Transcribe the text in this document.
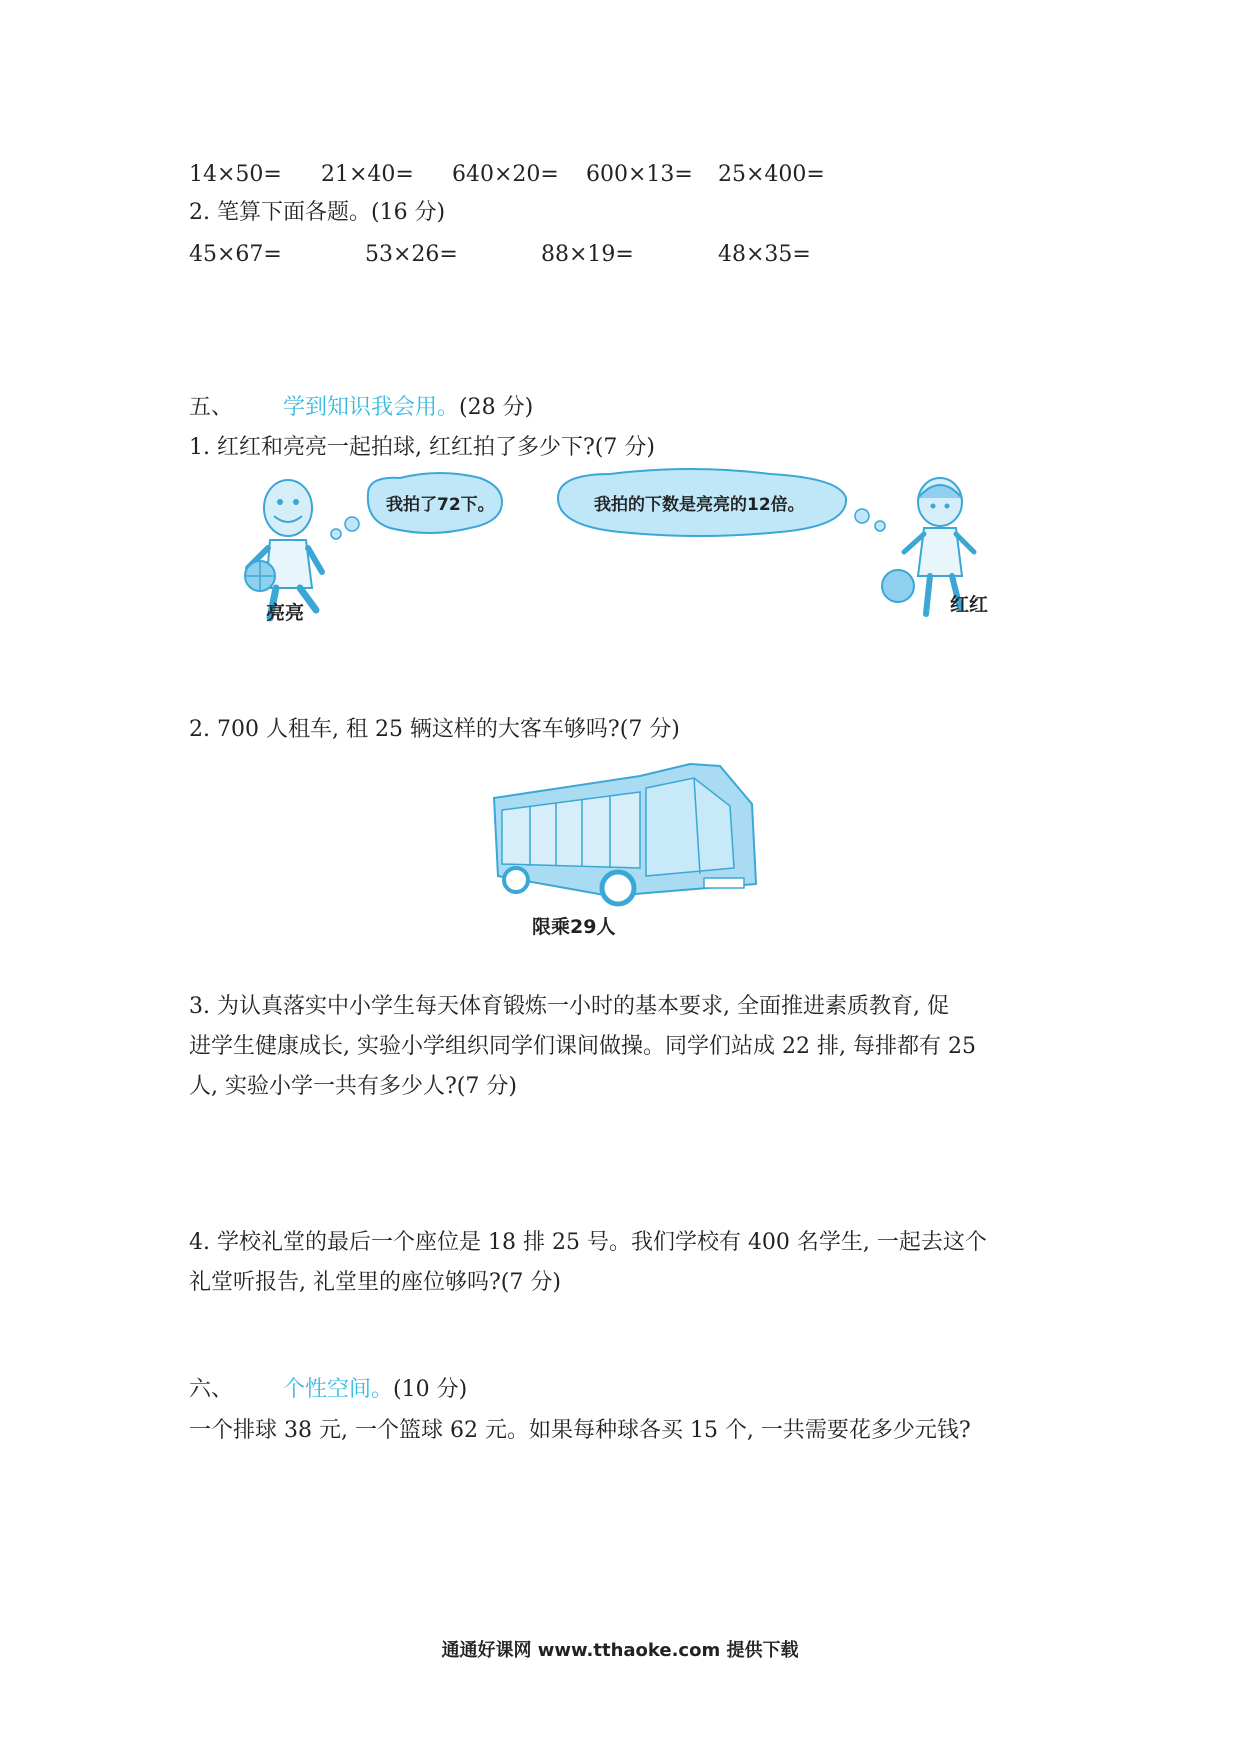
14×50= 21×40= 640×20= 600×13= 25×400=
2. 笔算下面各题。(16 分)
45×67=	53×26=	88×19=	48×35=
五、 学到知识我会用。(28 分)
1. 红红和亮亮一起拍球, 红红拍了多少下?(7 分)
我拍了72下。	我拍的下数是亮亮的12倍。
亮亮	红红
2. 700 人租车, 租 25 辆这样的大客车够吗?(7 分)
限乘29人
3. 为认真落实中小学生每天体育锻炼一小时的基本要求, 全面推进素质教育, 促
进学生健康成长, 实验小学组织同学们课间做操。同学们站成 22 排, 每排都有 25
人, 实验小学一共有多少人?(7 分)
4. 学校礼堂的最后一个座位是 18 排 25 号。我们学校有 400 名学生, 一起去这个
礼堂听报告, 礼堂里的座位够吗?(7 分)
六、 个性空间。(10 分)
一个排球 38 元, 一个篮球 62 元。如果每种球各买 15 个, 一共需要花多少元钱?
通通好课网 www.tthaoke.com 提供下载
